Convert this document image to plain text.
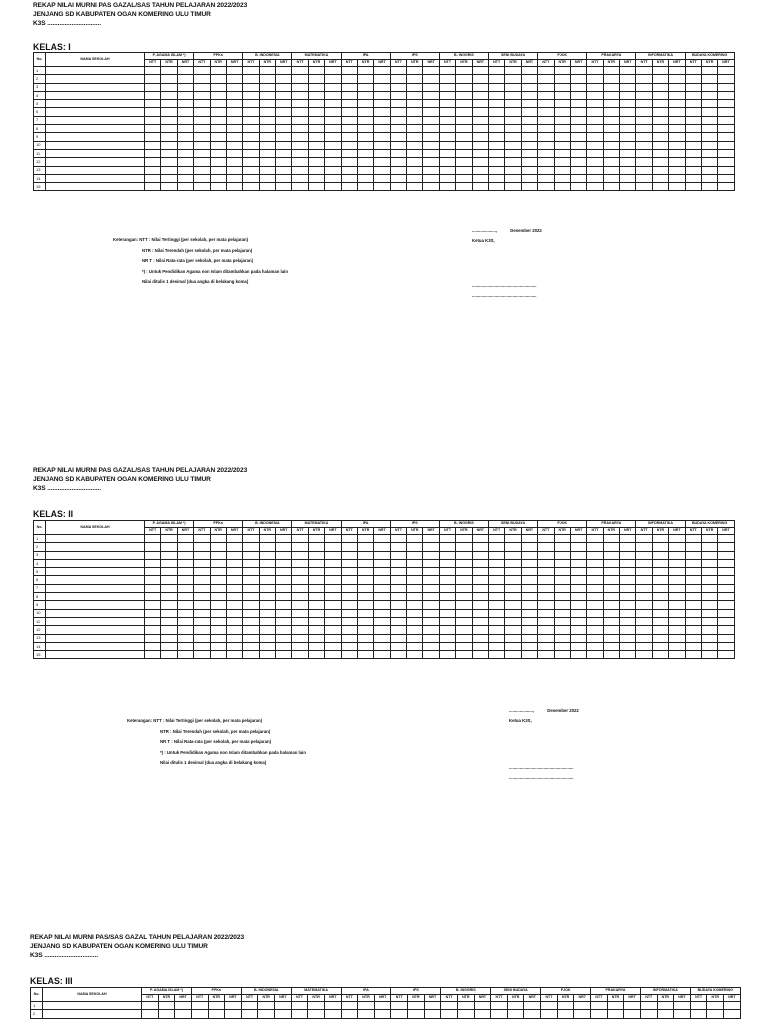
REKAP NILAI MURNI PAS GAZAL/SAS TAHUN PELAJARAN 2022/2023
JENJANG SD KABUPATEN OGAN KOMERING ULU TIMUR
K3S ...............................
KELAS: I
No.	NAMA SEKOLAH	P. AGAMA ISLAM *)			PPKn			B. INDONESIA			MATEMATIKA			IPA			IPS			B. INGGRIS			SENI BUDAYA			PJOK			PRAKARYA			INFORMATIKA			BUDAYA KOMERING		
		NTT	NTR	NRT	NTT	NTR	NRT	NTT	NTR	NRT	NTT	NTR	NRT	NTT	NTR	NRT	NTT	NTR	NRT	NTT	NTR	NRT	NTT	NTR	NRT	NTT	NTR	NRT	NTT	NTR	NRT	NTT	NTR	NRT	NTT	NTR	NRT
1																																					
2																																					
3																																					
4																																					
5																																					
6																																					
7																																					
8																																					
9																																					
10																																					
11																																					
12																																					
13																																					
14																																					
15																																					
Keterangan: NTT : Nilai Tertinggi (per sekolah, per mata pelajaran)
NTR : Nilai Terendah (per sekolah, per mata pelajaran)
NR T : Nilai Rata-rata (per sekolah, per mata pelajaran)
*) : Untuk Pendidikan Agama non Islam ditambahkan pada halaman lain
Nilai ditulis 1 desimal (dua angka di belakang koma)
....................,	Desember 2022
Ketua K3S,
......................................................
......................................................
REKAP NILAI MURNI PAS GAZAL/SAS TAHUN PELAJARAN 2022/2023
JENJANG SD KABUPATEN OGAN KOMERING ULU TIMUR
K3S ...............................
KELAS: II
No.	NAMA SEKOLAH	P. AGAMA ISLAM *)			PPKn			B. INDONESIA			MATEMATIKA			IPA			IPS			B. INGGRIS			SENI BUDAYA			PJOK			PRAKARYA			INFORMATIKA			BUDAYA KOMERING		
		NTT	NTR	NRT	NTT	NTR	NRT	NTT	NTR	NRT	NTT	NTR	NRT	NTT	NTR	NRT	NTT	NTR	NRT	NTT	NTR	NRT	NTT	NTR	NRT	NTT	NTR	NRT	NTT	NTR	NRT	NTT	NTR	NRT	NTT	NTR	NRT
1																																					
2																																					
3																																					
4																																					
5																																					
6																																					
7																																					
8																																					
9																																					
10																																					
11																																					
12																																					
13																																					
14																																					
15																																					
Keterangan: NTT : Nilai Tertinggi (per sekolah, per mata pelajaran)
NTR : Nilai Terendah (per sekolah, per mata pelajaran)
NR T : Nilai Rata-rata (per sekolah, per mata pelajaran)
*) : Untuk Pendidikan Agama non Islam ditambahkan pada halaman lain
Nilai ditulis 1 desimal (dua angka di belakang koma)
....................,	Desember 2022
Ketua K3S,
......................................................
......................................................
REKAP NILAI MURNI PAS/SAS GAZAL TAHUN PELAJARAN 2022/2023
JENJANG SD KABUPATEN OGAN KOMERING ULU TIMUR
K3S ...............................
KELAS: III
No.	NAMA SEKOLAH	P. AGAMA ISLAM *)			PPKn			B. INDONESIA			MATEMATIKA			IPA			IPS			B. INGGRIS			SENI BUDAYA			PJOK			PRAKARYA			INFORMATIKA			BUDAYA KOMERING		
		NTT	NTR	NRT	NTT	NTR	NRT	NTT	NTR	NRT	NTT	NTR	NRT	NTT	NTR	NRT	NTT	NTR	NRT	NTT	NTR	NRT	NTT	NTR	NRT	NTT	NTR	NRT	NTT	NTR	NRT	NTT	NTR	NRT	NTT	NTR	NRT
1																																					
2																																					
